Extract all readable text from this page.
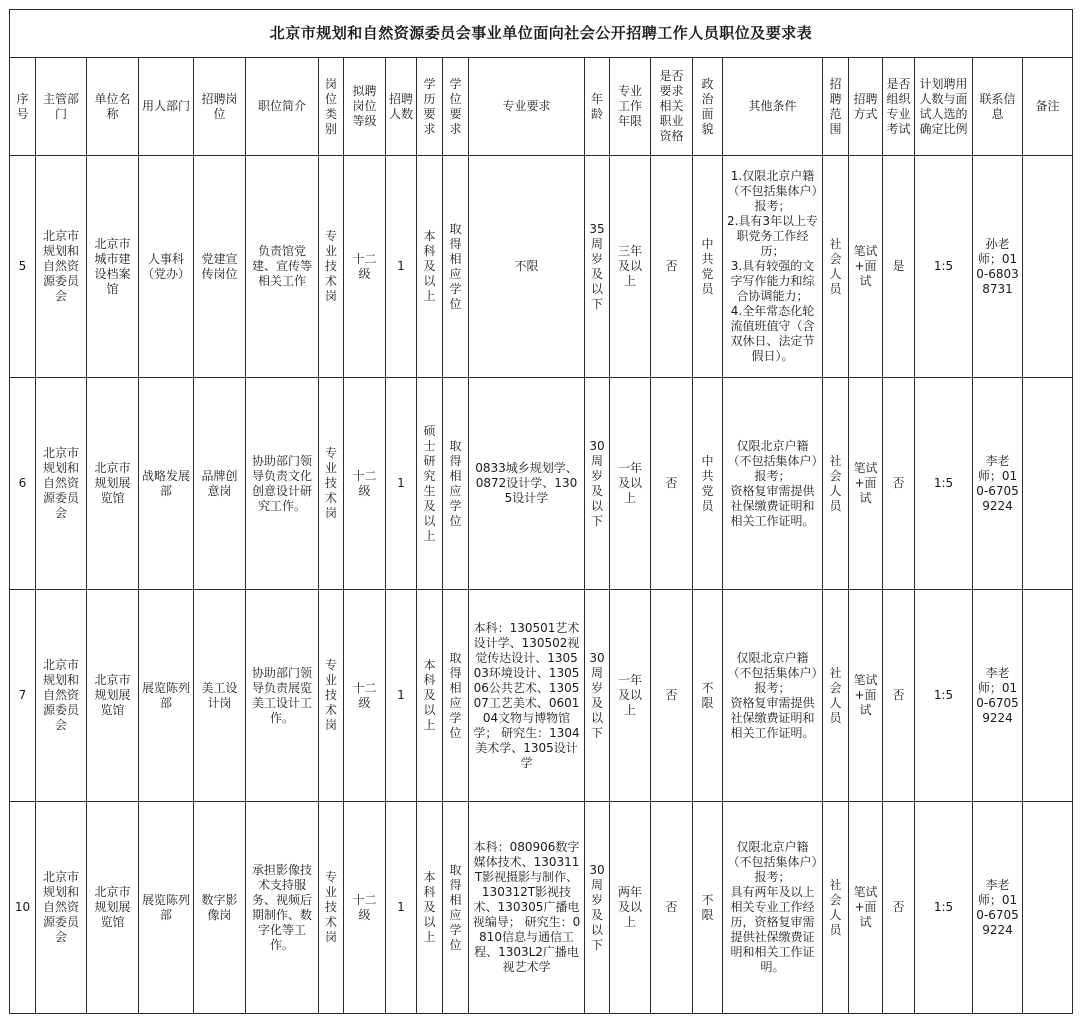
北京市规划和自然资源委员会事业单位面向社会公开招聘工作人员职位及要求表																						
序号	主管部门	单位名称	用人部门	招聘岗位	职位简介	岗位类别	拟聘岗位等级	招聘人数	学历要求	学位要求	专业要求	年龄	专业工作年限	是否要求相关职业资格	政治面貌	其他条件	招聘范围	招聘方式	是否组织专业考试	计划聘用人数与面试人选的确定比例	联系信息	备注
5	北京市规划和自然资源委员会	北京市城市建设档案馆	人事科（党办）	党建宣传岗位	负责馆党建、宣传等相关工作	专业技术岗	十二级	1	本科及以上	取得相应学位	不限	35周岁及以下	三年及以上	否	中共党员	1.仅限北京户籍（不包括集体户）报考；
2.具有3年以上专职党务工作经历；
3.具有较强的文字写作能力和综合协调能力；
4.全年常态化轮流值班值守（含双休日、法定节假日）。	社会人员	笔试+面试	是	1:5	孙老师；010-68038731	
6	北京市规划和自然资源委员会	北京市规划展览馆	战略发展部	品牌创意岗	协助部门领导负责文化创意设计研究工作。	专业技术岗	十二级	1	硕士研究生及以上	取得相应学位	0833城乡规划学、0872设计学、1305设计学	30周岁及以下	一年及以上	否	中共党员	仅限北京户籍（不包括集体户）报考；
资格复审需提供社保缴费证明和相关工作证明。	社会人员	笔试+面试	否	1:5	李老师；010-67059224	
7	北京市规划和自然资源委员会	北京市规划展览馆	展览陈列部	美工设计岗	协助部门领导负责展览美工设计工作。	专业技术岗	十二级	1	本科及以上	取得相应学位	本科：130501艺术设计学、130502视觉传达设计、130503环境设计、130506公共艺术、130507工艺美术、060104文物与博物馆学； 研究生：1304美术学、1305设计学	30周岁及以下	一年及以上	否	不限	仅限北京户籍（不包括集体户）报考；
资格复审需提供社保缴费证明和相关工作证明。	社会人员	笔试+面试	否	1:5	李老师；010-67059224	
10	北京市规划和自然资源委员会	北京市规划展览馆	展览陈列部	数字影像岗	承担影像技术支持服务、视频后期制作、数字化等工作。	专业技术岗	十二级	1	本科及以上	取得相应学位	本科：080906数字媒体技术、130311T影视摄影与制作、130312T影视技术、130305广播电视编导； 研究生：0810信息与通信工程、1303L2广播电视艺术学	30周岁及以下	两年及以上	否	不限	仅限北京户籍（不包括集体户）报考；
具有两年及以上相关专业工作经历，资格复审需提供社保缴费证明和相关工作证明。	社会人员	笔试+面试	否	1:5	李老师；010-67059224	
